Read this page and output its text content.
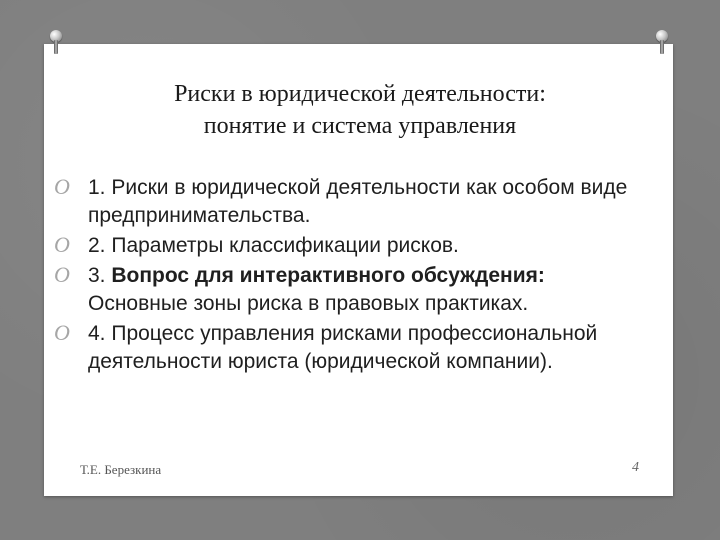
Риски в юридической деятельности:
понятие и система управления
O 1. Риски в юридической деятельности как особом виде предпринимательства.
O 2. Параметры классификации рисков.
O 3. Вопрос для интерактивного обсуждения: Основные зоны риска в правовых практиках.
O 4. Процесс управления рисками профессиональной деятельности юриста (юридической компании).
Т.Е. Березкина	4
